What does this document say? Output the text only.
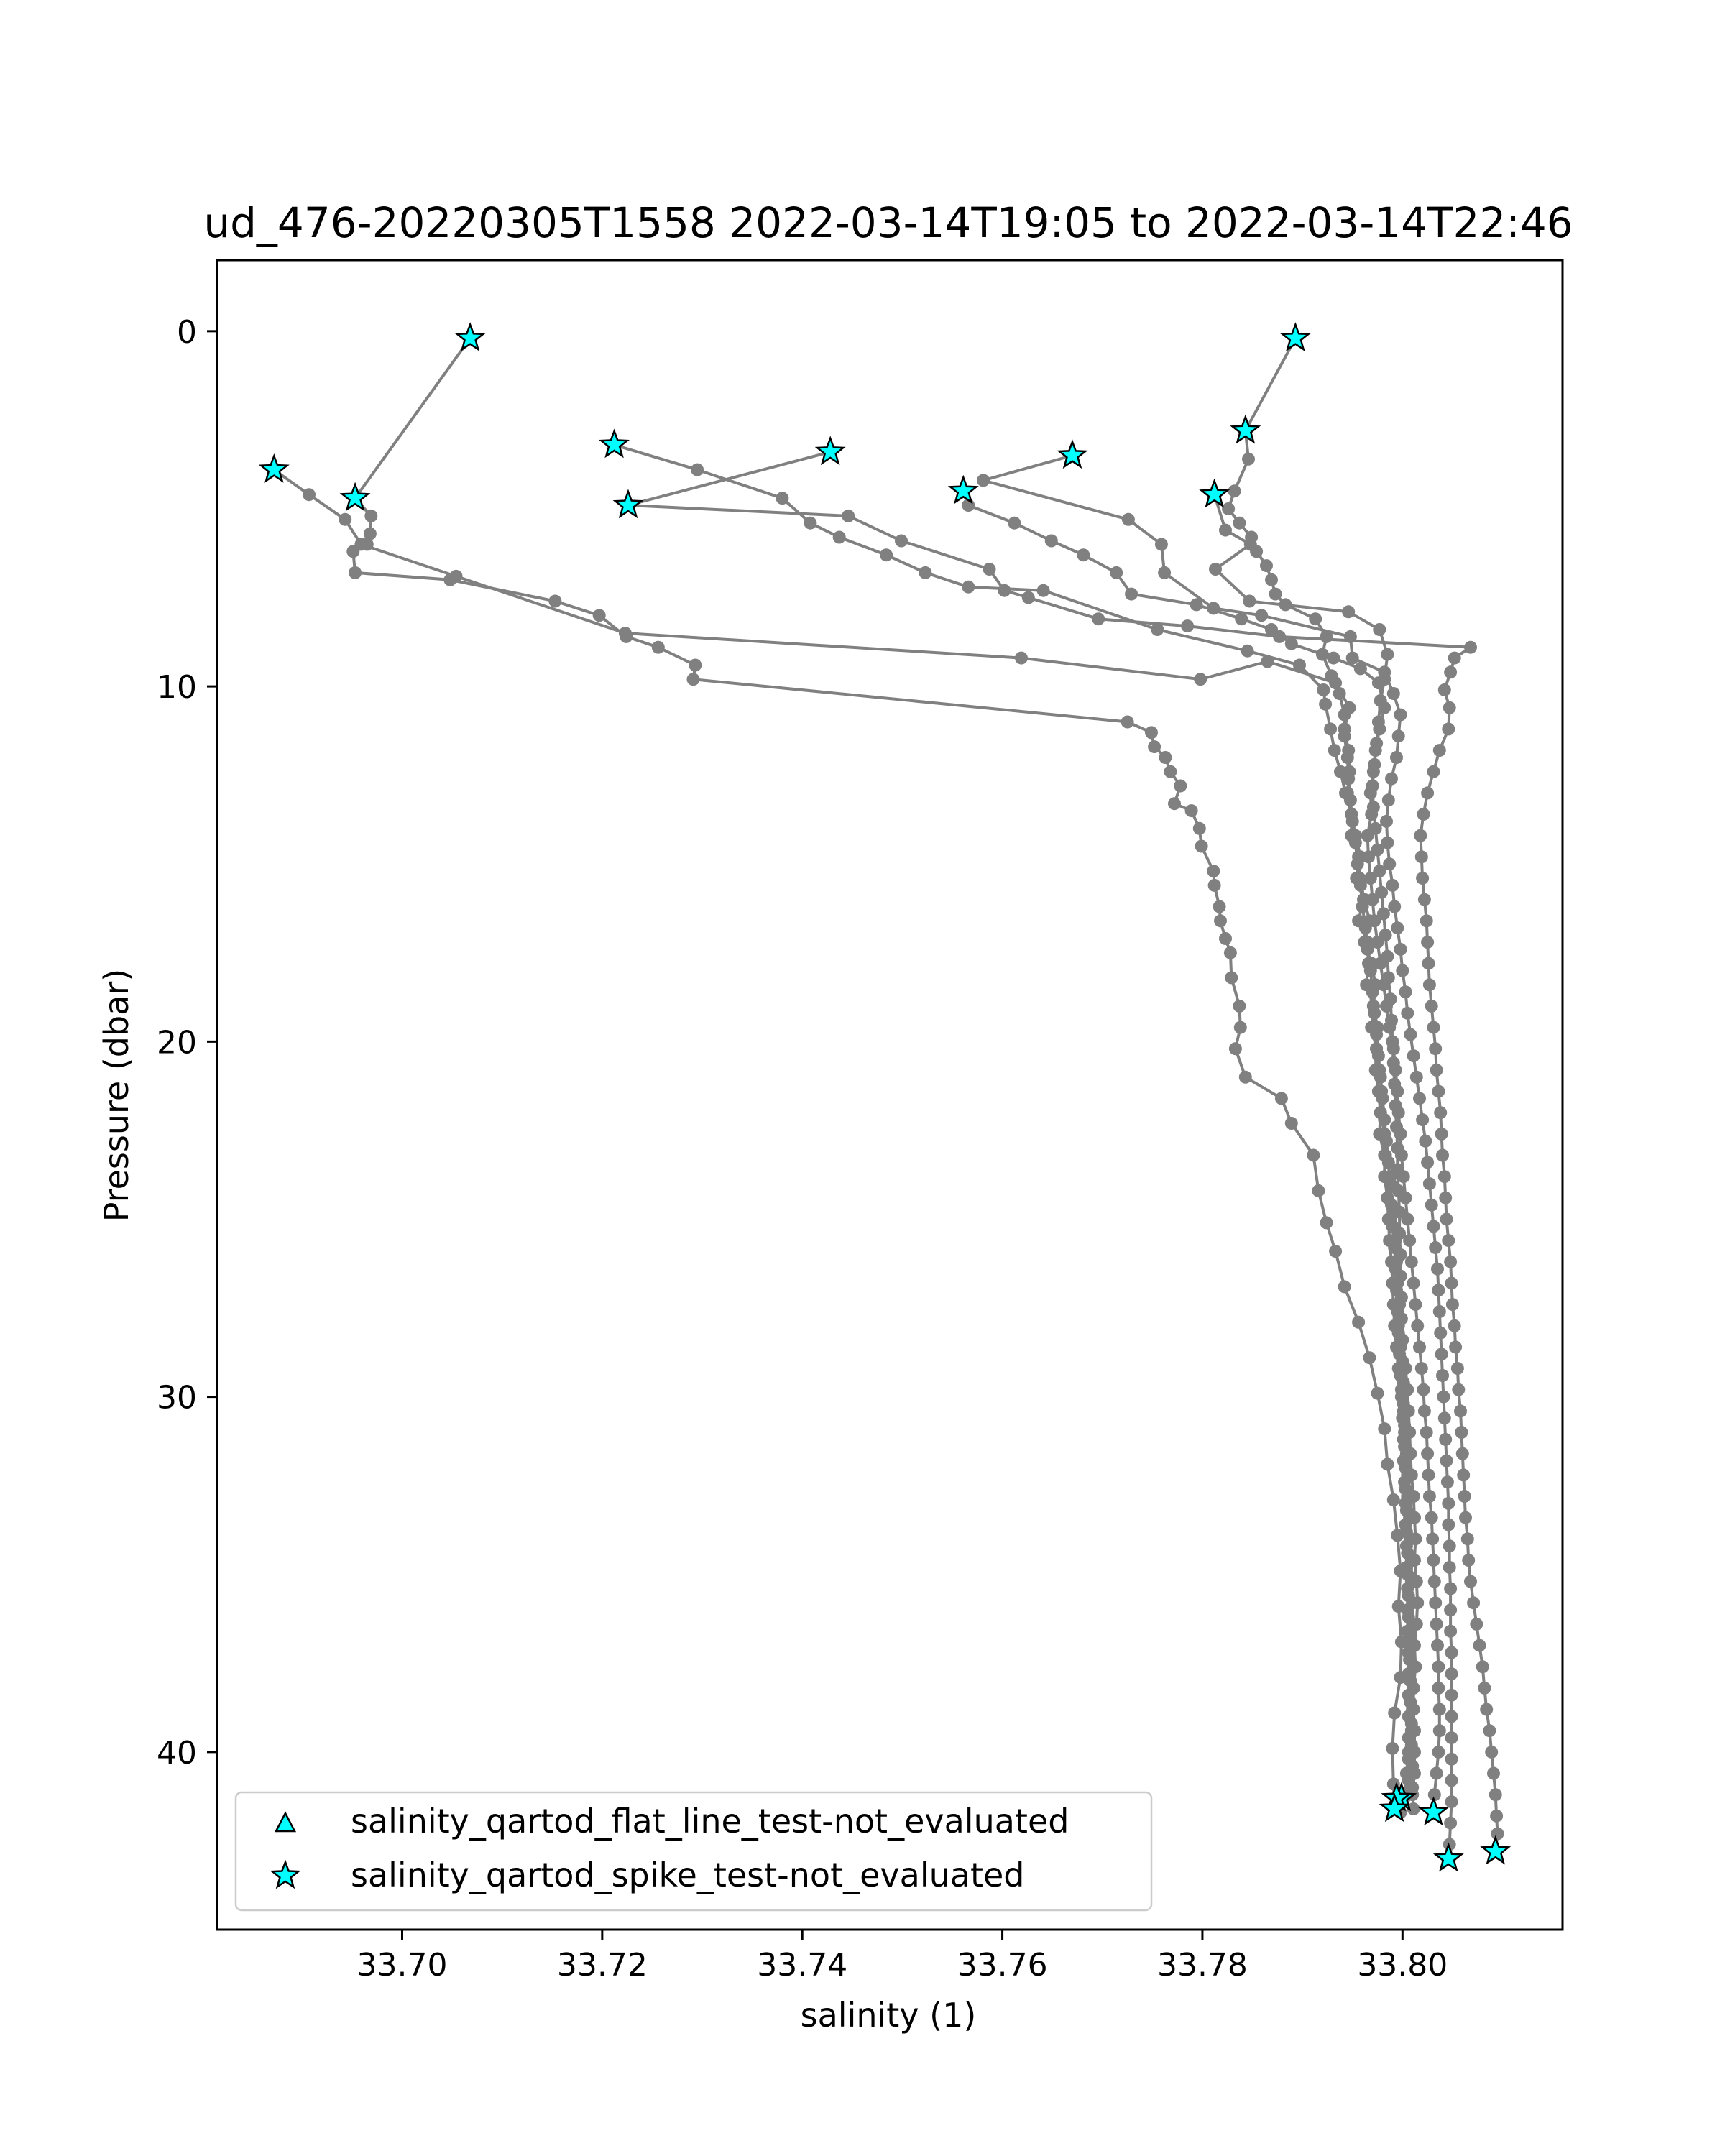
ud_476-20220305T1558 2022-03-14T19:05 to 2022-03-14T22:46
33.70	33.72	33.74	33.76	33.78	33.80
0
10
20
30
40
salinity (1)
Pressure (dbar)
salinity_qartod_flat_line_test-not_evaluated
salinity_qartod_spike_test-not_evaluated
